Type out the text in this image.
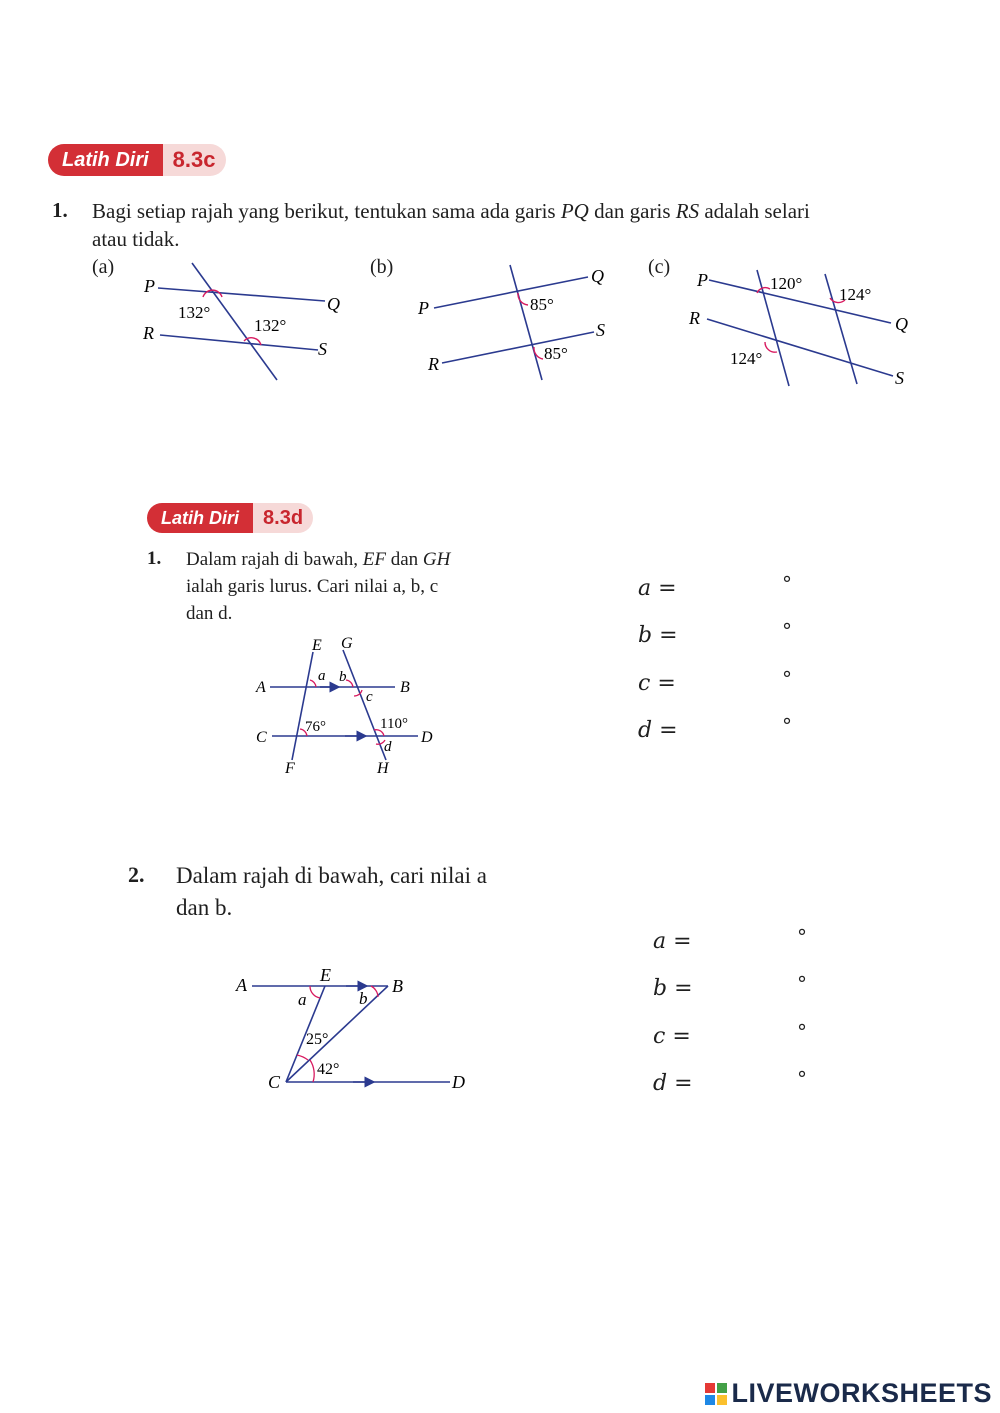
Latih Diri	8.3c
1. Bagi setiap rajah yang berikut, tentukan sama ada garis PQ dan garis RS adalah selari
atau tidak.
(a)	(b)	(c)
P
Q
R
S
132°
132°
P
Q
R
S
85°
85°
P
Q
R
S
120°
124°
124°
Latih Diri	8.3d
1. Dalam rajah di bawah, EF dan GH
ialah garis lurus. Cari nilai a, b, c
dan d.
E G
A	B
C	D
F	H
a b
c
d
76°	110°
a =	°
b =	°
c =	°
d =	°
2. Dalam rajah di bawah, cari nilai a
dan b.
A	E
B
C	D
a	b
25°
42°
a =	°
b =	°
c =	°
d =	°
LIVEWORKSHEETS
